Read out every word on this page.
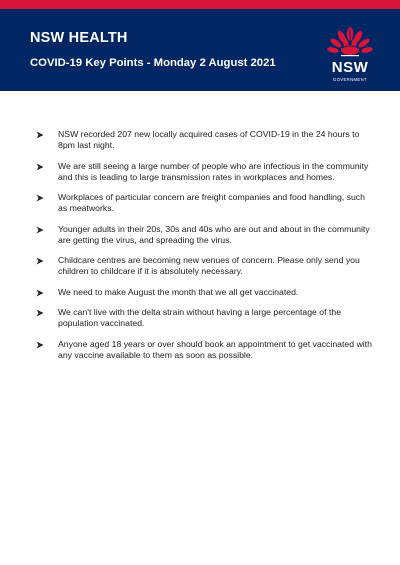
NSW HEALTH
COVID-19 Key Points - Monday 2 August 2021	NSW
GOVERNMENT
NSW recorded 207 new locally acquired cases of COVID-19 in the 24 hours to 8pm last night.
We are still seeing a large number of people who are infectious in the community and this is leading to large transmission rates in workplaces and homes.
Workplaces of particular concern are freight companies and food handling, such as meatworks.
Younger adults in their 20s, 30s and 40s who are out and about in the community are getting the virus, and spreading the virus.
Childcare centres are becoming new venues of concern. Please only send you children to childcare if it is absolutely necessary.
We need to make August the month that we all get vaccinated.
We can't live with the delta strain without having a large percentage of the population vaccinated.
Anyone aged 18 years or over should book an appointment to get vaccinated with any vaccine available to them as soon as possible.
